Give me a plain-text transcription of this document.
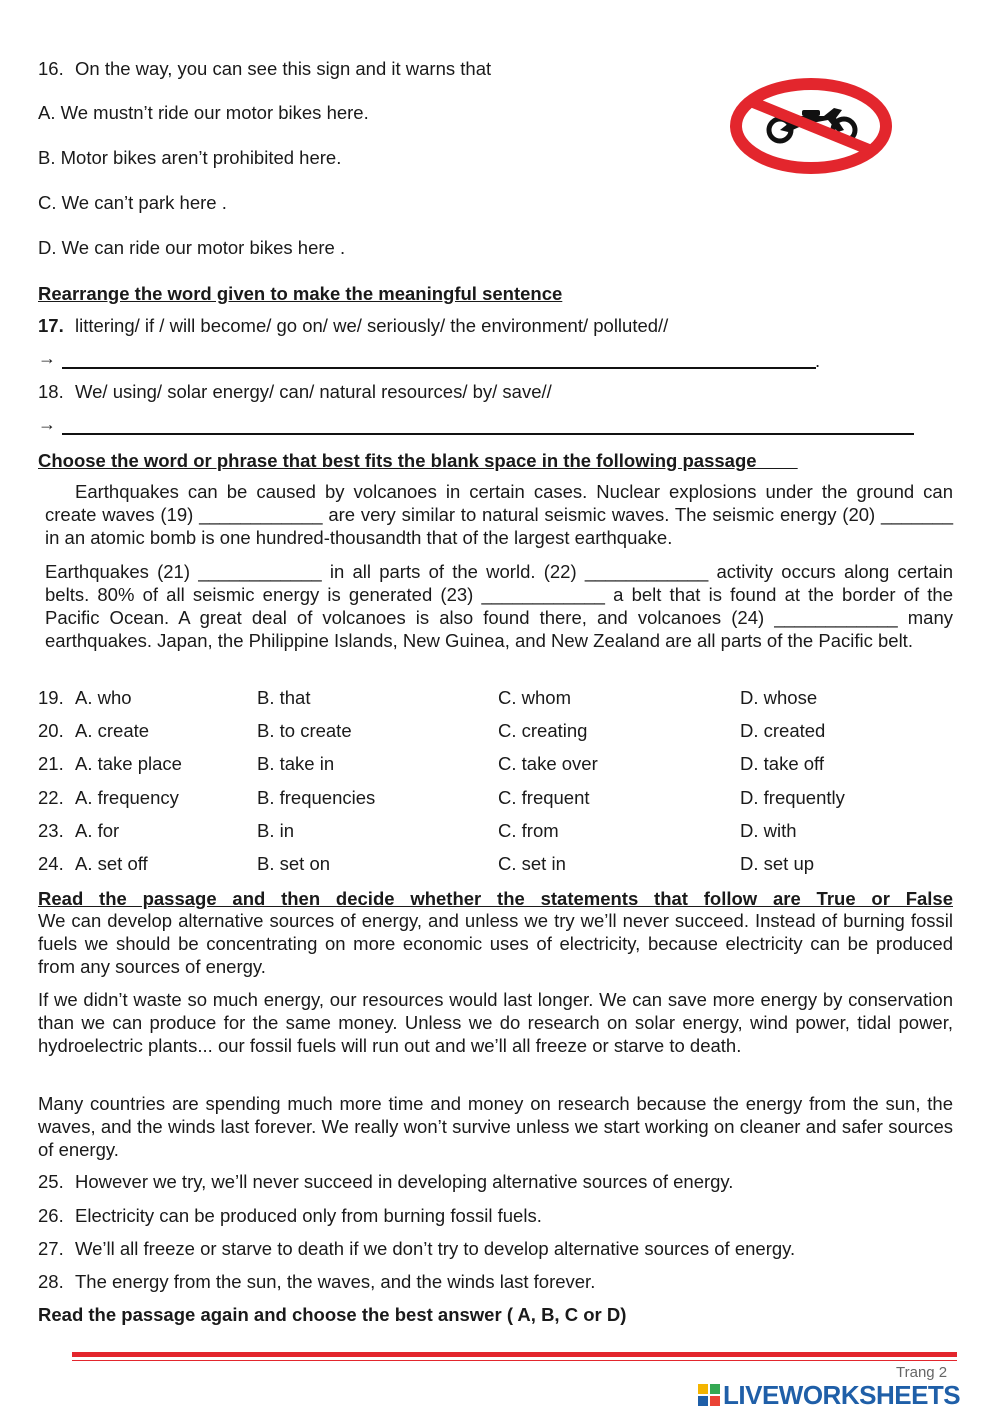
16. On the way, you can see this sign and it warns that
A. We mustn’t ride our motor bikes here.
B. Motor bikes aren’t prohibited here.
C. We can’t park here .
D. We can ride our motor bikes here .
Rearrange the word given to make the meaningful sentence
17. littering/ if / will become/ go on/ we/ seriously/ the environment/ polluted//
→	.
18. We/ using/ solar energy/ can/ natural resources/ by/ save//
→
Choose the word or phrase that best fits the blank space in the following passage
Earthquakes can be caused by volcanoes in certain cases. Nuclear explosions under the ground can create waves (19) ____________ are very similar to natural seismic waves. The seismic energy (20) _______ in an atomic bomb is one hundred-thousandth that of the largest earthquake.
Earthquakes (21) ____________ in all parts of the world. (22) ____________ activity occurs along certain belts. 80% of all seismic energy is generated (23) ____________ a belt that is found at the border of the Pacific Ocean. A great deal of volcanoes is also found there, and volcanoes (24) ____________ many earthquakes. Japan, the Philippine Islands, New Guinea, and New Zealand are all parts of the Pacific belt.
19. A. who	B. that	C. whom	D. whose
20. A. create	B. to create	C. creating	D. created
21. A. take place	B. take in	C. take over	D. take off
22. A. frequency	B. frequencies	C. frequent	D. frequently
23. A. for	B. in	C. from	D. with
24. A. set off	B. set on	C. set in	D. set up
Read the passage and then decide whether the statements that follow are True or False
We can develop alternative sources of energy, and unless we try we’ll never succeed. Instead of burning fossil fuels we should be concentrating on more economic uses of electricity, because electricity can be produced from any sources of energy.
If we didn’t waste so much energy, our resources would last longer. We can save more energy by conservation than we can produce for the same money. Unless we do research on solar energy, wind power, tidal power, hydroelectric plants... our fossil fuels will run out and we’ll all freeze or starve to death.
Many countries are spending much more time and money on research because the energy from the sun, the waves, and the winds last forever. We really won’t survive unless we start working on cleaner and safer sources of energy.
25. However we try, we’ll never succeed in developing alternative sources of energy.
26. Electricity can be produced only from burning fossil fuels.
27. We’ll all freeze or starve to death if we don’t try to develop alternative sources of energy.
28. The energy from the sun, the waves, and the winds last forever.
Read the passage again and choose the best answer ( A, B, C or D)
Trang 2
LIVEWORKSHEETS
